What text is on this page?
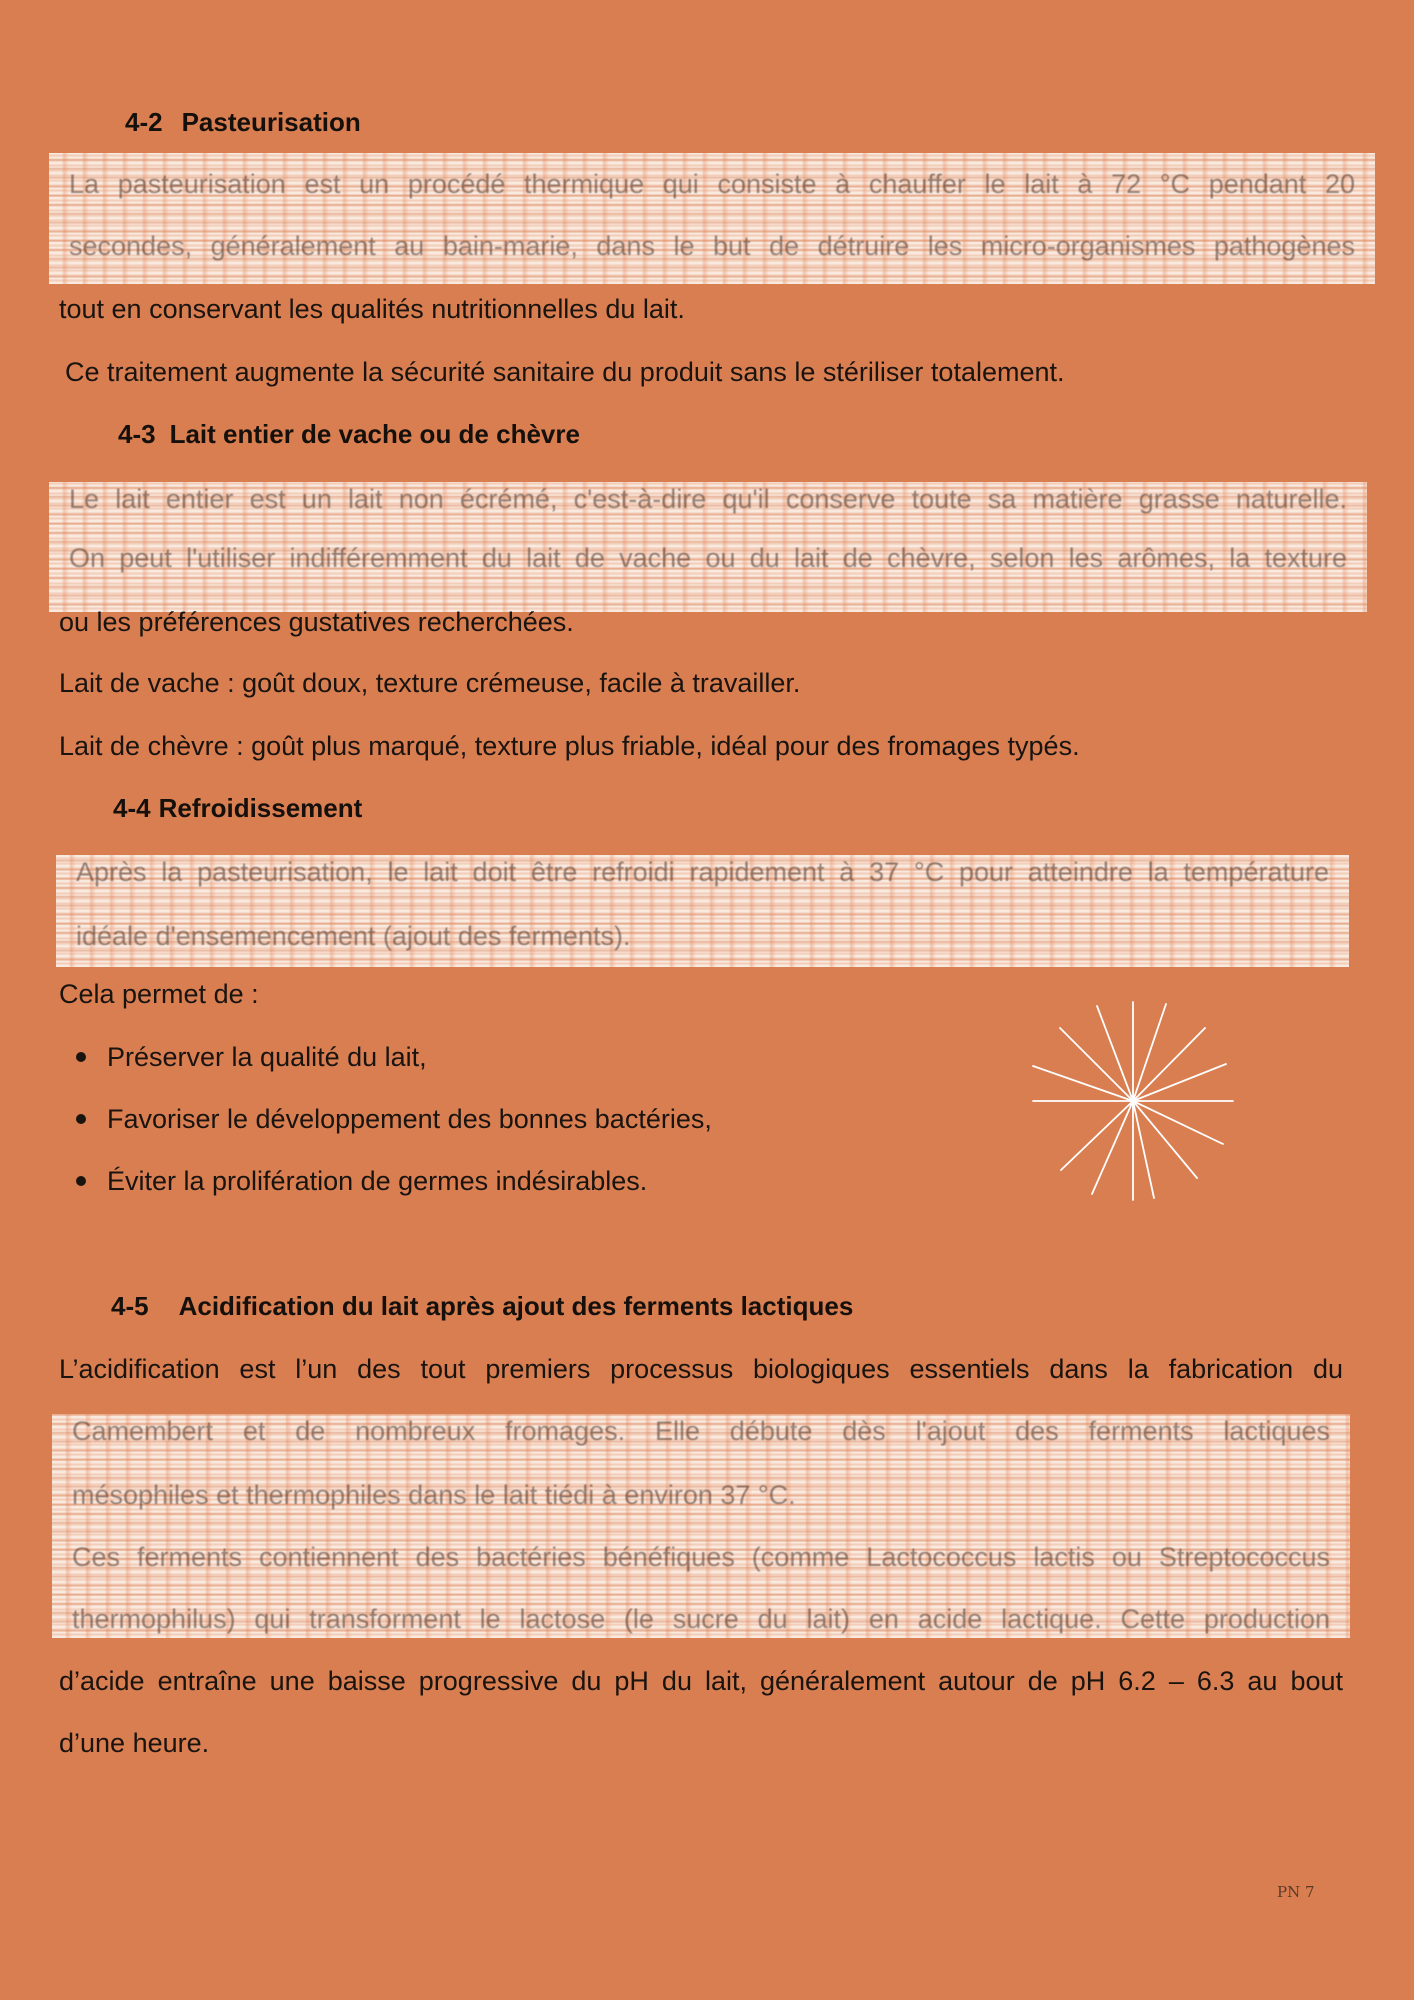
4-2 Pasteurisation
La pasteurisation est un procédé thermique qui consiste à chauffer le lait à 72 °C pendant 20
secondes, généralement au bain-marie, dans le but de détruire les micro-organismes pathogènes
tout en conservant les qualités nutritionnelles du lait.
Ce traitement augmente la sécurité sanitaire du produit sans le stériliser totalement.
4-3 Lait entier de vache ou de chèvre
Le lait entier est un lait non écrémé, c'est-à-dire qu'il conserve toute sa matière grasse naturelle.
On peut l'utiliser indifféremment du lait de vache ou du lait de chèvre, selon les arômes, la texture
ou les préférences gustatives recherchées.
Lait de vache : goût doux, texture crémeuse, facile à travailler.
Lait de chèvre : goût plus marqué, texture plus friable, idéal pour des fromages typés.
4-4 Refroidissement
Après la pasteurisation, le lait doit être refroidi rapidement à 37 °C pour atteindre la température
idéale d'ensemencement (ajout des ferments).
Cela permet de :
Préserver la qualité du lait,
Favoriser le développement des bonnes bactéries,
Éviter la prolifération de germes indésirables.
4-5 Acidification du lait après ajout des ferments lactiques
L’acidification est l’un des tout premiers processus biologiques essentiels dans la fabrication du
Camembert et de nombreux fromages. Elle débute dès l'ajout des ferments lactiques
mésophiles et thermophiles dans le lait tiédi à environ 37 °C.
Ces ferments contiennent des bactéries bénéfiques (comme Lactococcus lactis ou Streptococcus
thermophilus) qui transforment le lactose (le sucre du lait) en acide lactique. Cette production
d’acide entraîne une baisse progressive du pH du lait, généralement autour de pH 6.2 – 6.3 au bout
d’une heure.
PN 7
